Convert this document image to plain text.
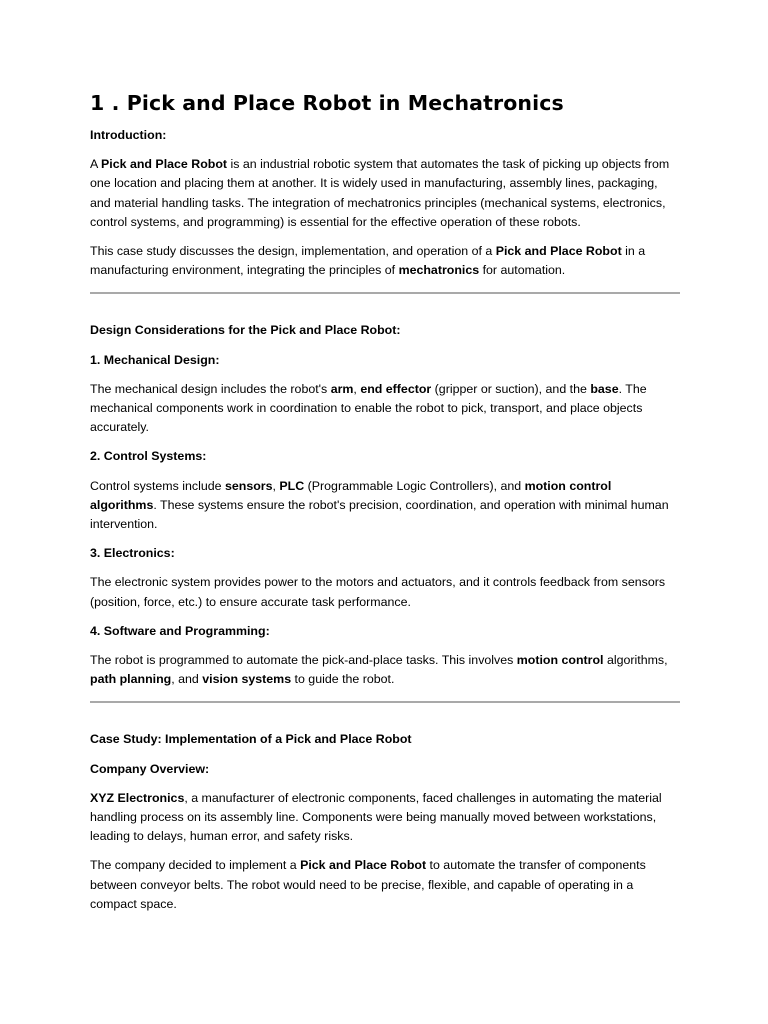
1 . Pick and Place Robot in Mechatronics
Introduction:

A Pick and Place Robot is an industrial robotic system that automates the task of picking up objects from one location and placing them at another. It is widely used in manufacturing, assembly lines, packaging, and material handling tasks. The integration of mechatronics principles (mechanical systems, electronics, control systems, and programming) is essential for the effective operation of these robots.

This case study discusses the design, implementation, and operation of a Pick and Place Robot in a manufacturing environment, integrating the principles of mechatronics for automation.

Design Considerations for the Pick and Place Robot:
1. Mechanical Design:

The mechanical design includes the robot's arm, end effector (gripper or suction), and the base. The mechanical components work in coordination to enable the robot to pick, transport, and place objects accurately.

2. Control Systems:

Control systems include sensors, PLC (Programmable Logic Controllers), and motion control algorithms. These systems ensure the robot's precision, coordination, and operation with minimal human intervention.

3. Electronics:

The electronic system provides power to the motors and actuators, and it controls feedback from sensors (position, force, etc.) to ensure accurate task performance.

4. Software and Programming:

The robot is programmed to automate the pick-and-place tasks. This involves motion control algorithms, path planning, and vision systems to guide the robot.

Case Study: Implementation of a Pick and Place Robot
Company Overview:

XYZ Electronics, a manufacturer of electronic components, faced challenges in automating the material handling process on its assembly line. Components were being manually moved between workstations, leading to delays, human error, and safety risks.

The company decided to implement a Pick and Place Robot to automate the transfer of components between conveyor belts. The robot would need to be precise, flexible, and capable of operating in a compact space.
